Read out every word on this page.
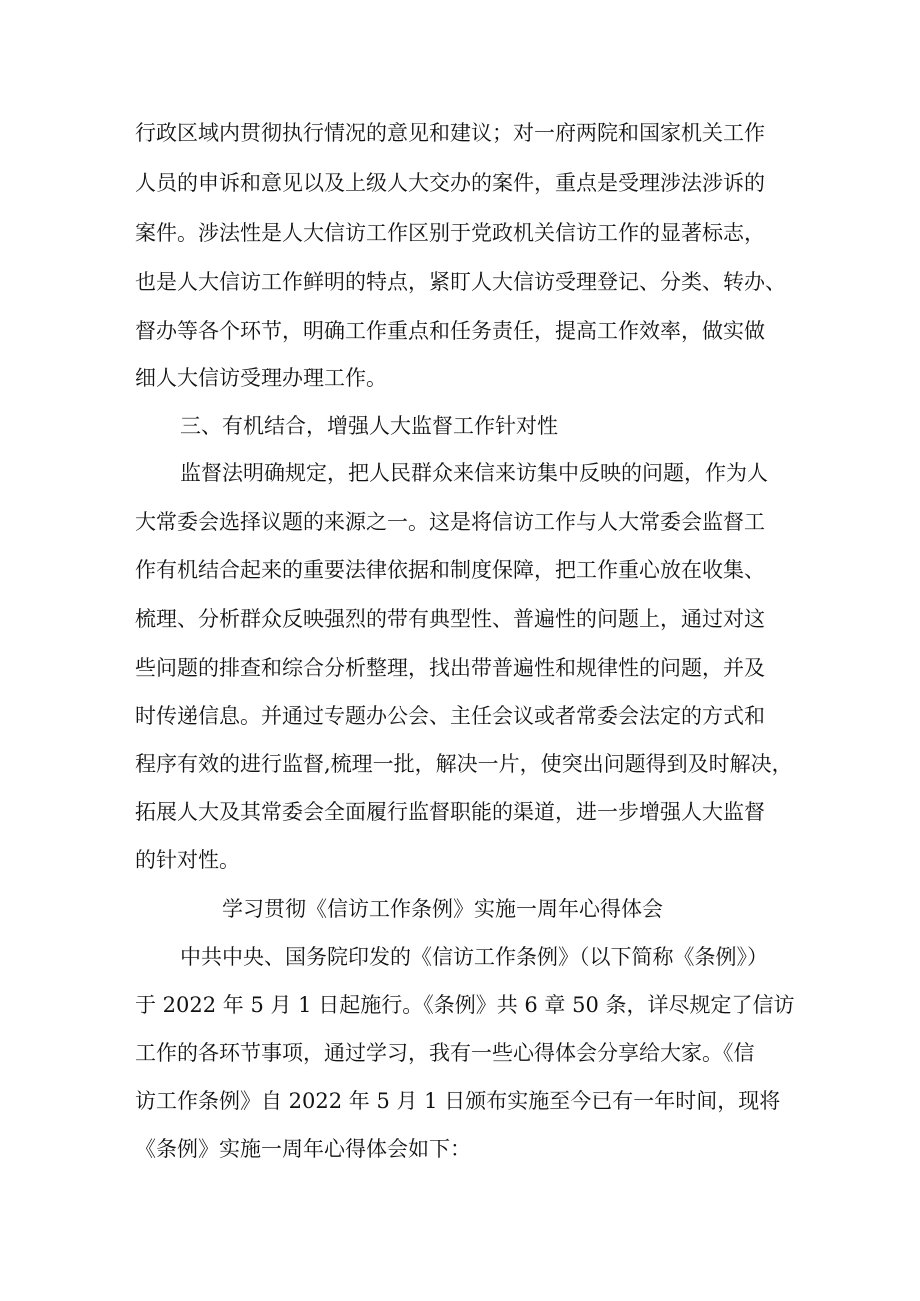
行政区域内贯彻执行情况的意见和建议；对一府两院和国家机关工作
人员的申诉和意见以及上级人大交办的案件，重点是受理涉法涉诉的
案件。涉法性是人大信访工作区别于党政机关信访工作的显著标志，
也是人大信访工作鲜明的特点，紧盯人大信访受理登记、分类、转办、
督办等各个环节，明确工作重点和任务责任，提高工作效率，做实做
细人大信访受理办理工作。
三、有机结合，增强人大监督工作针对性
监督法明确规定，把人民群众来信来访集中反映的问题，作为人
大常委会选择议题的来源之一。这是将信访工作与人大常委会监督工
作有机结合起来的重要法律依据和制度保障，把工作重心放在收集、
梳理、分析群众反映强烈的带有典型性、普遍性的问题上，通过对这
些问题的排查和综合分析整理，找出带普遍性和规律性的问题，并及
时传递信息。并通过专题办公会、主任会议或者常委会法定的方式和
程序有效的进行监督,梳理一批，解决一片，使突出问题得到及时解决，
拓展人大及其常委会全面履行监督职能的渠道，进一步增强人大监督
的针对性。
学习贯彻《信访工作条例》实施一周年心得体会
中共中央、国务院印发的《信访工作条例》（以下简称《条例》）
于 2022 年 5 月 1 日起施行。《条例》共 6 章 50 条，详尽规定了信访
工作的各环节事项，通过学习，我有一些心得体会分享给大家。《信
访工作条例》自 2022 年 5 月 1 日颁布实施至今已有一年时间，现将
《条例》实施一周年心得体会如下：
